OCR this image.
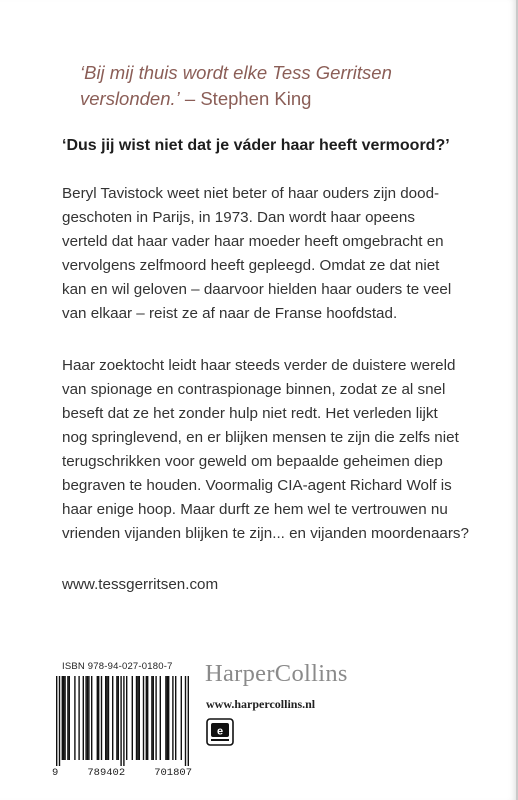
‘Bij mij thuis wordt elke Tess Gerritsen
verslonden.’ – Stephen King
‘Dus jij wist niet dat je váder haar heeft vermoord?’
Beryl Tavistock weet niet beter of haar ouders zijn dood-
geschoten in Parijs, in 1973. Dan wordt haar opeens
verteld dat haar vader haar moeder heeft omgebracht en
vervolgens zelfmoord heeft gepleegd. Omdat ze dat niet
kan en wil geloven – daarvoor hielden haar ouders te veel
van elkaar – reist ze af naar de Franse hoofdstad.
Haar zoektocht leidt haar steeds verder de duistere wereld
van spionage en contraspionage binnen, zodat ze al snel
beseft dat ze het zonder hulp niet redt. Het verleden lijkt
nog springlevend, en er blijken mensen te zijn die zelfs niet
terugschrikken voor geweld om bepaalde geheimen diep
begraven te houden. Voormalig CIA-agent Richard Wolf is
haar enige hoop. Maar durft ze hem wel te vertrouwen nu
vrienden vijanden blijken te zijn... en vijanden moordenaars?
www.tessgerritsen.com
ISBN 978-94-027-0180-7
9	789402	701807
HarperCollins
www.harpercollins.nl
e
